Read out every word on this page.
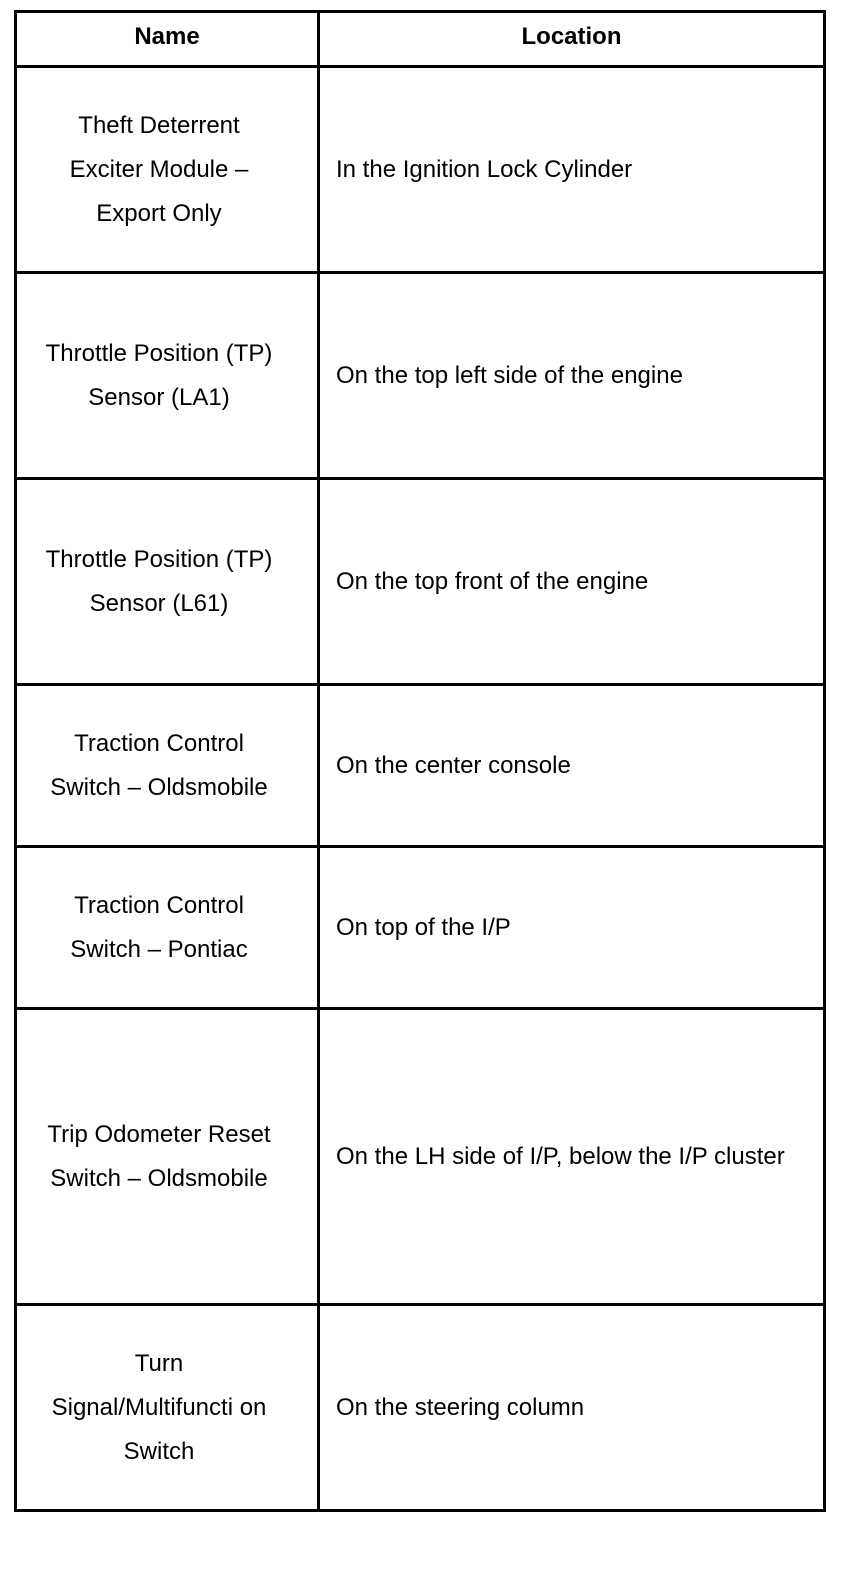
Name	Location
Theft Deterrent Exciter Module – Export Only	In the Ignition Lock Cylinder
Throttle Position (TP) Sensor (LA1)	On the top left side of the engine
Throttle Position (TP) Sensor (L61)	On the top front of the engine
Traction Control Switch – Oldsmobile	On the center console
Traction Control Switch – Pontiac	On top of the I/P
Trip Odometer Reset Switch – Oldsmobile	On the LH side of I/P, below the I/P cluster
Turn Signal/Multifuncti on Switch	On the steering column
